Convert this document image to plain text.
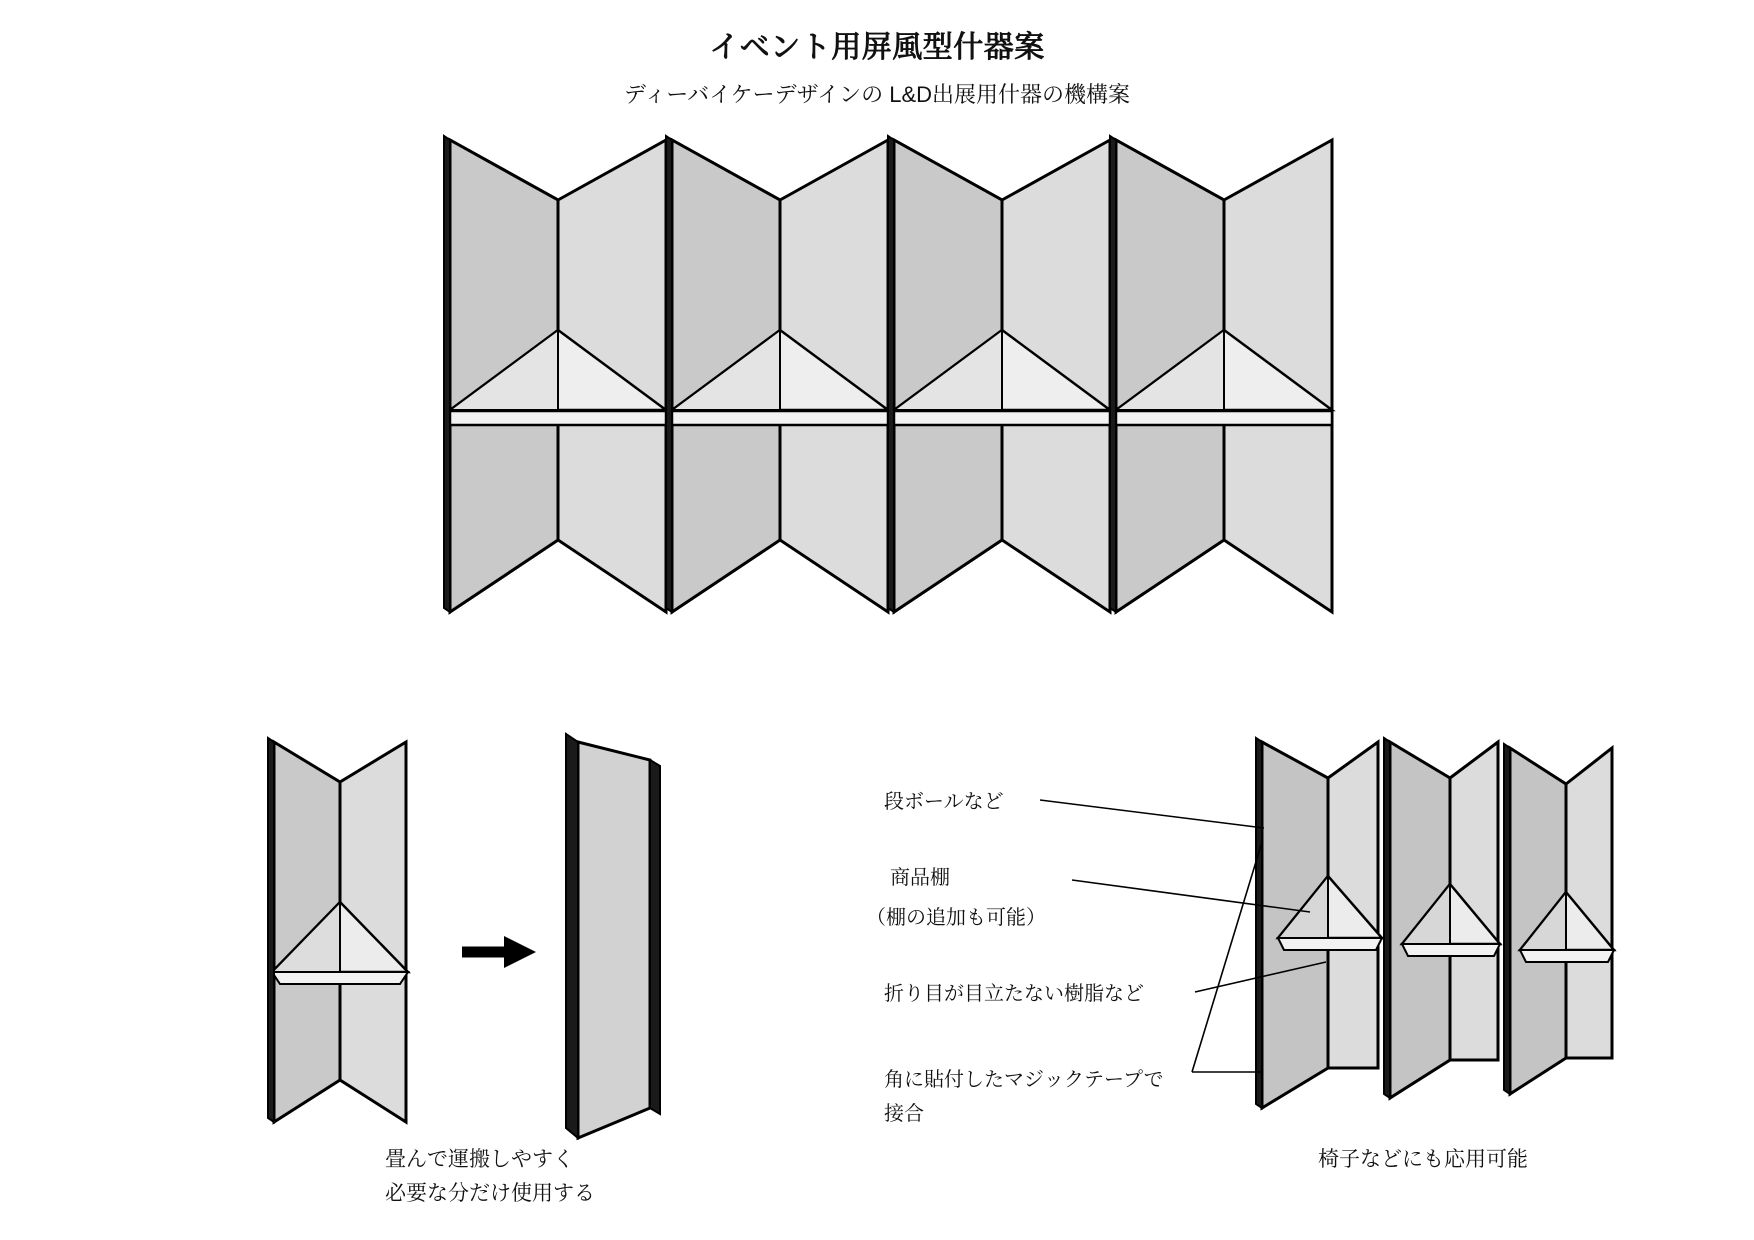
イベント用屏風型什器案
ディーバイケーデザインの L&D出展用什器の機構案
畳んで運搬しやすく
必要な分だけ使用する
段ボールなど
商品棚
（棚の追加も可能）
折り目が目立たない樹脂など
角に貼付したマジックテープで
接合
椅子などにも応用可能
